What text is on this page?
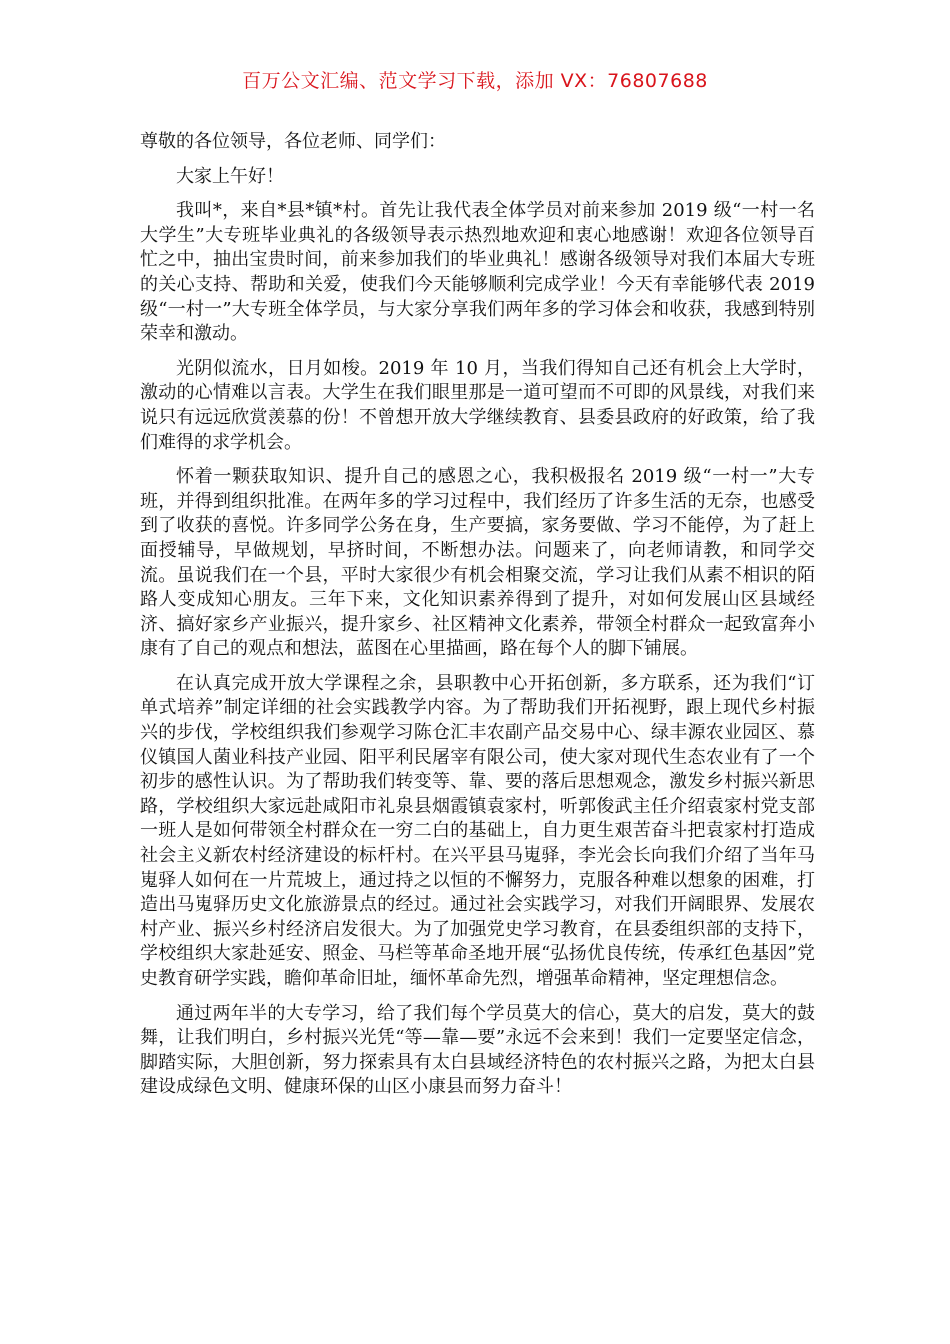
百万公文汇编、范文学习下载，添加 VX：76807688

尊敬的各位领导，各位老师、同学们：

大家上午好！

我叫*，来自*县*镇*村。首先让我代表全体学员对前来参加 2019 级“一村一名大学生”大专班毕业典礼的各级领导表示热烈地欢迎和衷心地感谢！欢迎各位领导百忙之中，抽出宝贵时间，前来参加我们的毕业典礼！感谢各级领导对我们本届大专班的关心支持、帮助和关爱，使我们今天能够顺利完成学业！今天有幸能够代表 2019 级“一村一”大专班全体学员，与大家分享我们两年多的学习体会和收获，我感到特别荣幸和激动。

光阴似流水，日月如梭。2019 年 10 月，当我们得知自己还有机会上大学时，激动的心情难以言表。大学生在我们眼里那是一道可望而不可即的风景线，对我们来说只有远远欣赏羡慕的份！不曾想开放大学继续教育、县委县政府的好政策，给了我们难得的求学机会。

怀着一颗获取知识、提升自己的感恩之心，我积极报名 2019 级“一村一”大专班，并得到组织批准。在两年多的学习过程中，我们经历了许多生活的无奈，也感受到了收获的喜悦。许多同学公务在身，生产要搞，家务要做、学习不能停，为了赶上面授辅导，早做规划，早挤时间，不断想办法。问题来了，向老师请教，和同学交流。虽说我们在一个县，平时大家很少有机会相聚交流，学习让我们从素不相识的陌路人变成知心朋友。三年下来，文化知识素养得到了提升，对如何发展山区县域经济、搞好家乡产业振兴，提升家乡、社区精神文化素养，带领全村群众一起致富奔小康有了自己的观点和想法，蓝图在心里描画，路在每个人的脚下铺展。

在认真完成开放大学课程之余，县职教中心开拓创新，多方联系，还为我们“订单式培养”制定详细的社会实践教学内容。为了帮助我们开拓视野，跟上现代乡村振兴的步伐，学校组织我们参观学习陈仓汇丰农副产品交易中心、绿丰源农业园区、慕仪镇国人菌业科技产业园、阳平利民屠宰有限公司，使大家对现代生态农业有了一个初步的感性认识。为了帮助我们转变等、靠、要的落后思想观念，激发乡村振兴新思路，学校组织大家远赴咸阳市礼泉县烟霞镇袁家村，听郭俊武主任介绍袁家村党支部一班人是如何带领全村群众在一穷二白的基础上，自力更生艰苦奋斗把袁家村打造成社会主义新农村经济建设的标杆村。在兴平县马嵬驿，李光会长向我们介绍了当年马嵬驿人如何在一片荒坡上，通过持之以恒的不懈努力，克服各种难以想象的困难，打造出马嵬驿历史文化旅游景点的经过。通过社会实践学习，对我们开阔眼界、发展农村产业、振兴乡村经济启发很大。为了加强党史学习教育，在县委组织部的支持下，学校组织大家赴延安、照金、马栏等革命圣地开展“弘扬优良传统，传承红色基因”党史教育研学实践，瞻仰革命旧址，缅怀革命先烈，增强革命精神，坚定理想信念。

通过两年半的大专学习，给了我们每个学员莫大的信心，莫大的启发，莫大的鼓舞，让我们明白，乡村振兴光凭“等—靠—要”永远不会来到！我们一定要坚定信念，脚踏实际，大胆创新，努力探索具有太白县域经济特色的农村振兴之路，为把太白县建设成绿色文明、健康环保的山区小康县而努力奋斗！
